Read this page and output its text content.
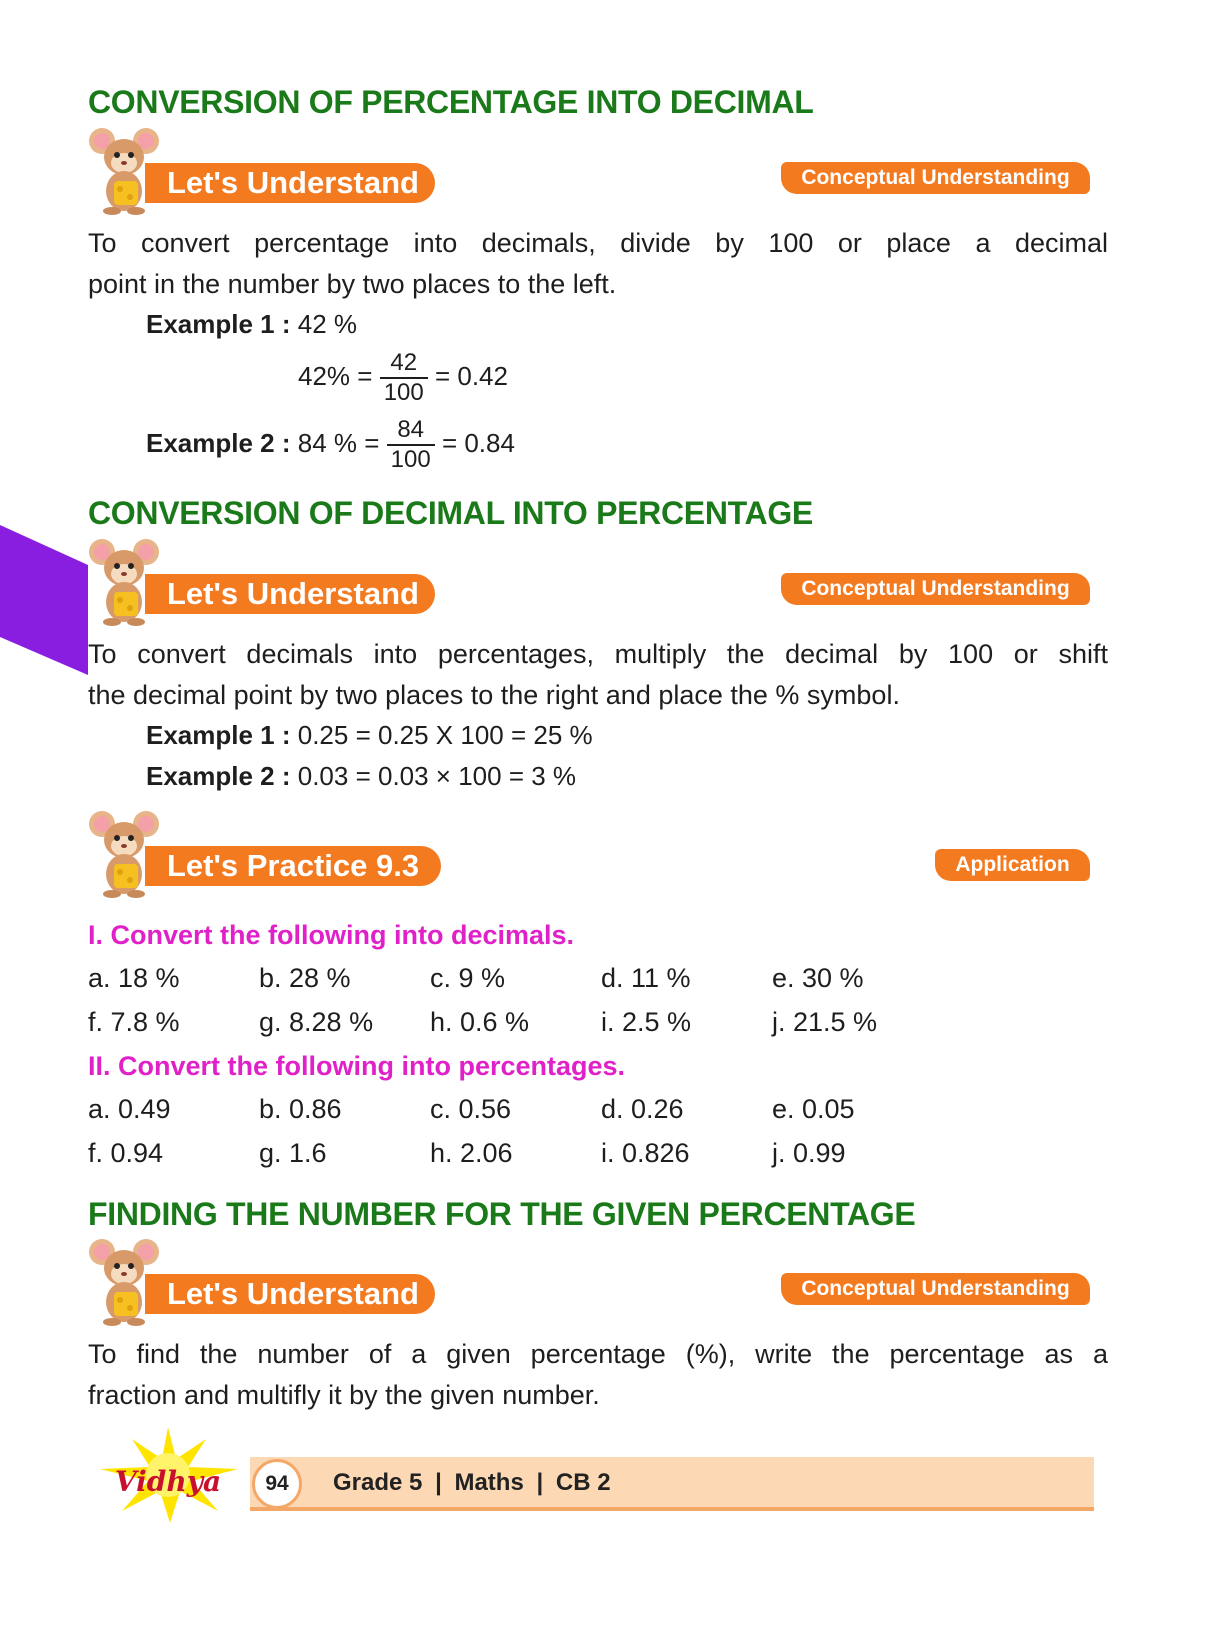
CONVERSION OF PERCENTAGE INTO DECIMAL
Let's Understand	Conceptual Understanding
To convert percentage into decimals, divide by 100 or place a decimal
point in the number by two places to the left.
Example 1 : 42 %
$42\% = \frac{42}{100} = 0.42$
Example 2 : 84 % = $\frac{84}{100} = 0.84$
CONVERSION OF DECIMAL INTO PERCENTAGE
Let's Understand	Conceptual Understanding
To convert decimals into percentages, multiply the decimal by 100 or shift
the decimal point by two places to the right and place the % symbol.
Example 1 : 0.25 = 0.25 X 100 = 25 %
Example 2 : 0.03 = 0.03 × 100 = 3 %
Let's Practice 9.3	Application
I. Convert the following into decimals.
a. 18 %	b. 28 %	c. 9 %	d. 11 %	e. 30 %
f. 7.8 %	g. 8.28 % h. 0.6 %	i. 2.5 %	j. 21.5 %
II. Convert the following into percentages.
a. 0.49	b. 0.86	c. 0.56	d. 0.26	e. 0.05
f. 0.94	g. 1.6	h. 2.06	i. 0.826	j. 0.99
FINDING THE NUMBER FOR THE GIVEN PERCENTAGE
Let's Understand	Conceptual Understanding
To find the number of a given percentage (%), write the percentage as a
fraction and multifly it by the given number.
Vidhya	94	Grade 5 | Maths | CB 2
